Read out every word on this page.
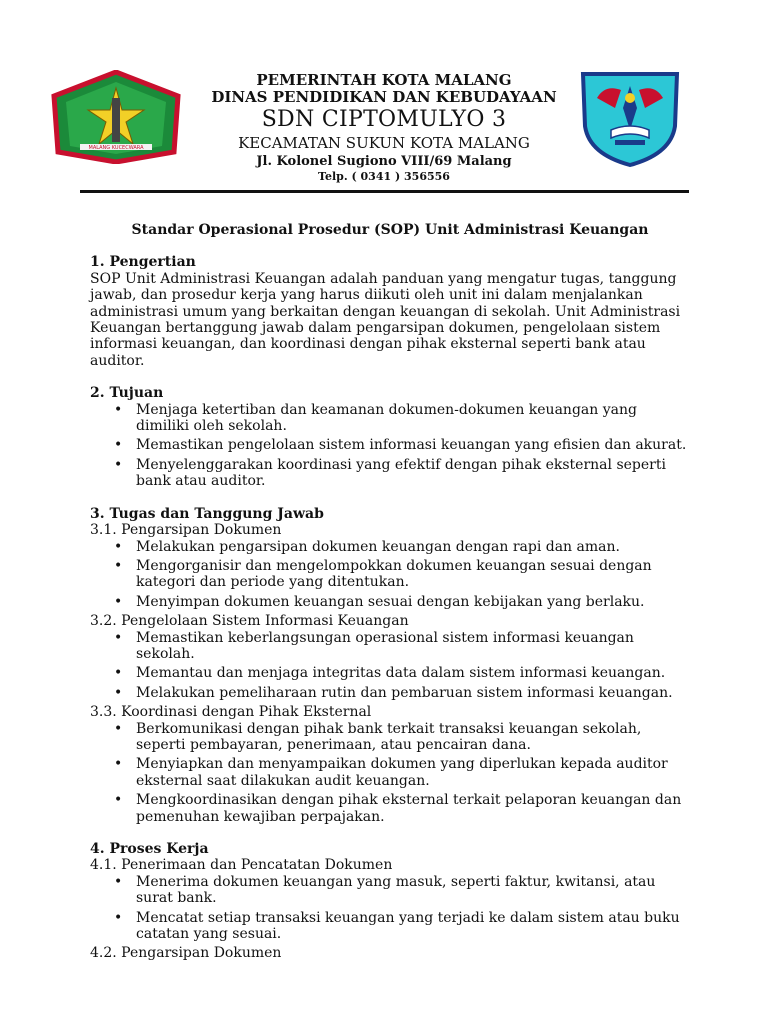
MALANG KUCECWARA
PEMERINTAH KOTA MALANG
DINAS PENDIDIKAN DAN KEBUDAYAAN
SDN CIPTOMULYO 3
KECAMATAN SUKUN KOTA MALANG
Jl. Kolonel Sugiono VIII/69 Malang
Telp. ( 0341 ) 356556

Standar Operasional Prosedur (SOP) Unit Administrasi Keuangan

1. Pengertian

SOP Unit Administrasi Keuangan adalah panduan yang mengatur tugas, tanggung jawab, dan prosedur kerja yang harus diikuti oleh unit ini dalam menjalankan administrasi umum yang berkaitan dengan keuangan di sekolah. Unit Administrasi Keuangan bertanggung jawab dalam pengarsipan dokumen, pengelolaan sistem informasi keuangan, dan koordinasi dengan pihak eksternal seperti bank atau auditor.

2. Tujuan

• Menjaga ketertiban dan keamanan dokumen-dokumen keuangan yang dimiliki oleh sekolah.
• Memastikan pengelolaan sistem informasi keuangan yang efisien dan akurat.
• Menyelenggarakan koordinasi yang efektif dengan pihak eksternal seperti bank atau auditor.

3. Tugas dan Tanggung Jawab

3.1. Pengarsipan Dokumen

• Melakukan pengarsipan dokumen keuangan dengan rapi dan aman.
• Mengorganisir dan mengelompokkan dokumen keuangan sesuai dengan kategori dan periode yang ditentukan.
• Menyimpan dokumen keuangan sesuai dengan kebijakan yang berlaku.

3.2. Pengelolaan Sistem Informasi Keuangan

• Memastikan keberlangsungan operasional sistem informasi keuangan sekolah.
• Memantau dan menjaga integritas data dalam sistem informasi keuangan.
• Melakukan pemeliharaan rutin dan pembaruan sistem informasi keuangan.

3.3. Koordinasi dengan Pihak Eksternal

• Berkomunikasi dengan pihak bank terkait transaksi keuangan sekolah, seperti pembayaran, penerimaan, atau pencairan dana.
• Menyiapkan dan menyampaikan dokumen yang diperlukan kepada auditor eksternal saat dilakukan audit keuangan.
• Mengkoordinasikan dengan pihak eksternal terkait pelaporan keuangan dan pemenuhan kewajiban perpajakan.

4. Proses Kerja

4.1. Penerimaan dan Pencatatan Dokumen

• Menerima dokumen keuangan yang masuk, seperti faktur, kwitansi, atau surat bank.
• Mencatat setiap transaksi keuangan yang terjadi ke dalam sistem atau buku catatan yang sesuai.

4.2. Pengarsipan Dokumen
